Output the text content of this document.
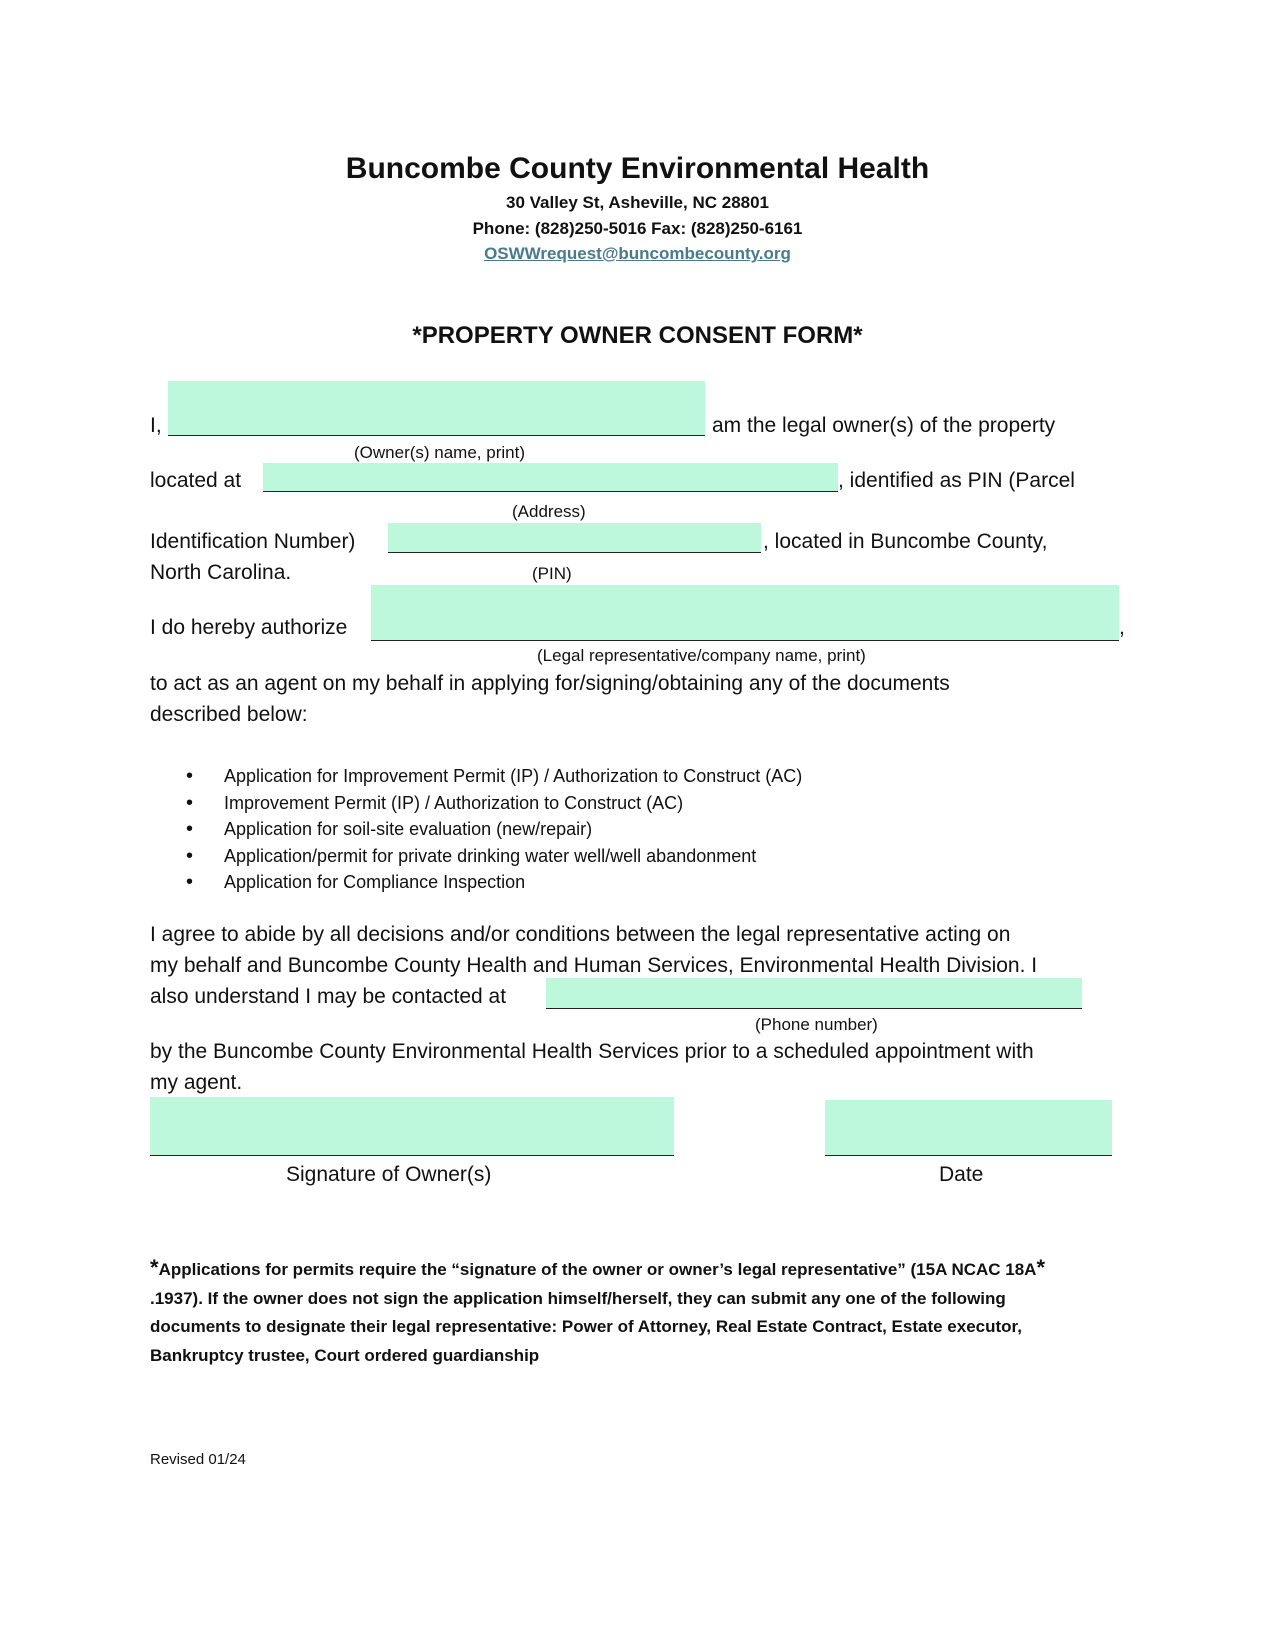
Buncombe County Environmental Health
30 Valley St, Asheville, NC 28801
Phone: (828)250-5016 Fax: (828)250-6161
OSWWrequest@buncombecounty.org
*PROPERTY OWNER CONSENT FORM*
I,	am the legal owner(s) of the property
(Owner(s) name, print)
located at	, identified as PIN (Parcel
(Address)
Identification Number)	, located in Buncombe County,
North Carolina.	(PIN)
I do hereby authorize	,
(Legal representative/company name, print)
to act as an agent on my behalf in applying for/signing/obtaining any of the documents
described below:
• Application for Improvement Permit (IP) / Authorization to Construct (AC)
• Improvement Permit (IP) / Authorization to Construct (AC)
• Application for soil-site evaluation (new/repair)
• Application/permit for private drinking water well/well abandonment
• Application for Compliance Inspection
I agree to abide by all decisions and/or conditions between the legal representative acting on
my behalf and Buncombe County Health and Human Services, Environmental Health Division. I
also understand I may be contacted at
(Phone number)
by the Buncombe County Environmental Health Services prior to a scheduled appointment with
my agent.
Signature of Owner(s)	Date
*Applications for permits require the “signature of the owner or owner’s legal representative” (15A NCAC 18A*
.1937). If the owner does not sign the application himself/herself, they can submit any one of the following
documents to designate their legal representative: Power of Attorney, Real Estate Contract, Estate executor,
Bankruptcy trustee, Court ordered guardianship
Revised 01/24
